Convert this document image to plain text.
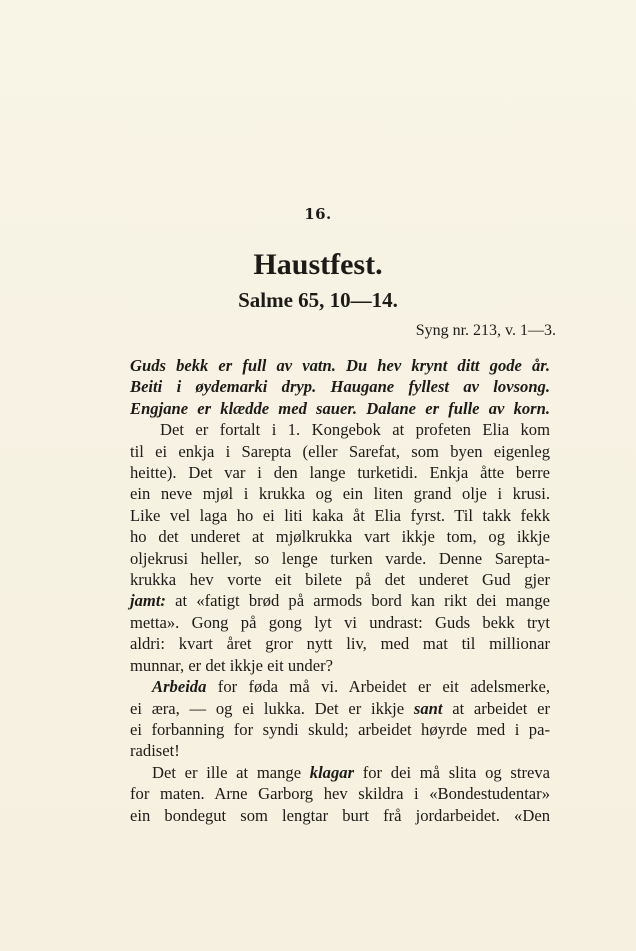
16.
Haustfest.
Salme 65, 10—14.
Syng nr. 213, v. 1—3.
Guds bekk er full av vatn. Du hev krynt ditt gode år.
Beiti i øydemarki dryp. Haugane fyllest av lovsong.
Engjane er klædde med sauer. Dalane er fulle av korn.
Det er fortalt i 1. Kongebok at profeten Elia kom
til ei enkja i Sarepta (eller Sarefat, som byen eigenleg
heitte). Det var i den lange turketidi. Enkja åtte berre
ein neve mjøl i krukka og ein liten grand olje i krusi.
Like vel laga ho ei liti kaka åt Elia fyrst. Til takk fekk
ho det underet at mjølkrukka vart ikkje tom, og ikkje
oljekrusi heller, so lenge turken varde. Denne Sarepta-
krukka hev vorte eit bilete på det underet Gud gjer
jamt: at «fatigt brød på armods bord kan rikt dei mange
metta». Gong på gong lyt vi undrast: Guds bekk tryt
aldri: kvart året gror nytt liv, med mat til millionar
munnar, er det ikkje eit under?
Arbeida for føda må vi. Arbeidet er eit adelsmerke,
ei æra, — og ei lukka. Det er ikkje sant at arbeidet er
ei forbanning for syndi skuld; arbeidet høyrde med i pa-
radiset!
Det er ille at mange klagar for dei må slita og streva
for maten. Arne Garborg hev skildra i «Bondestudentar»
ein bondegut som lengtar burt frå jordarbeidet. «Den
